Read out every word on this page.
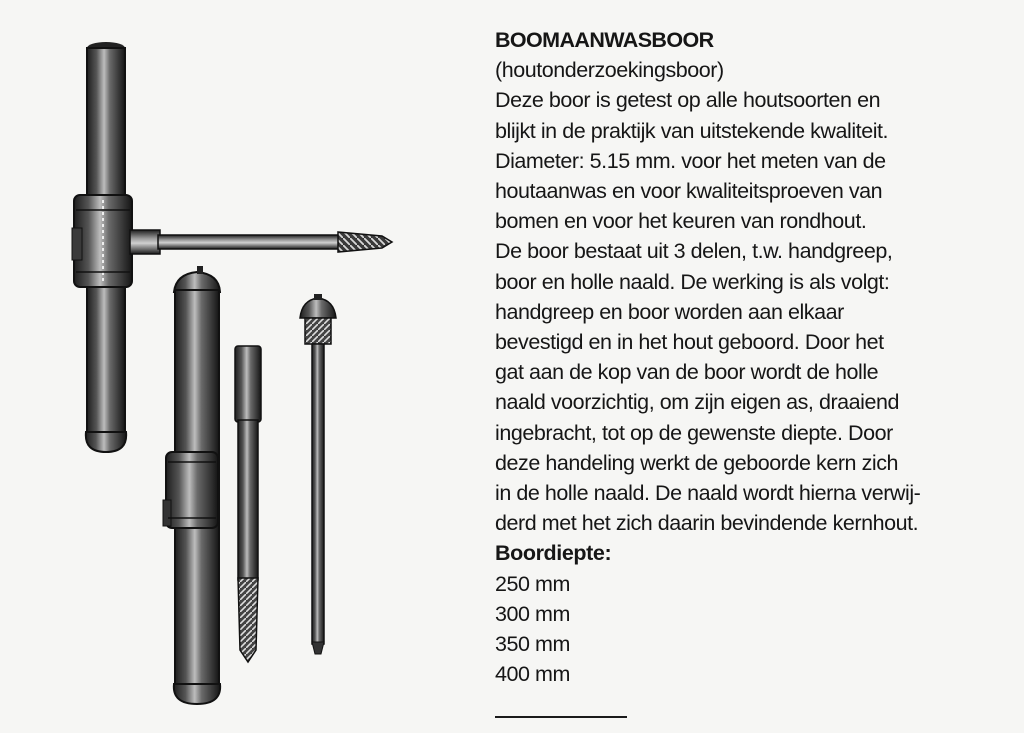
BOOMAANWASBOOR

(houtonderzoekingsboor)

Deze boor is getest op alle houtsoorten en

blijkt in de praktijk van uitstekende kwaliteit.

Diameter: 5.15 mm. voor het meten van de

houtaanwas en voor kwaliteitsproeven van

bomen en voor het keuren van rondhout.

De boor bestaat uit 3 delen, t.w. handgreep,

boor en holle naald. De werking is als volgt:

handgreep en boor worden aan elkaar

bevestigd en in het hout geboord. Door het

gat aan de kop van de boor wordt de holle

naald voorzichtig, om zijn eigen as, draaiend

ingebracht, tot op de gewenste diepte. Door

deze handeling werkt de geboorde kern zich

in de holle naald. De naald wordt hierna verwij-

derd met het zich daarin bevindende kernhout.

Boordiepte:

250 mm
300 mm
350 mm
400 mm
